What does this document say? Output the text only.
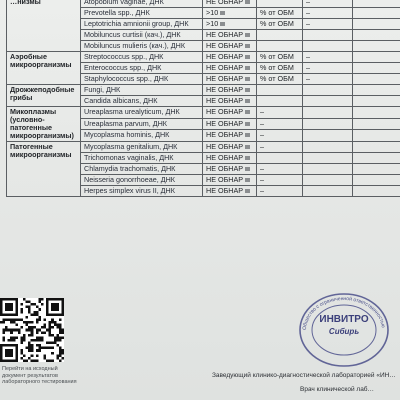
…низмы	Atopobium vaginae, ДНК	НЕ ОБНАР		–	
	Prevotella spp., ДНК	>10	% от ОБМ	–	
	Leptotrichia amnionii group, ДНК	>10	% от ОБМ	–	
	Mobiluncus curtisii (кач.), ДНК	НЕ ОБНАР			
	Mobiluncus mulieris (кач.), ДНК	НЕ ОБНАР			
Аэробные микроорганизмы	Streptococcus spp., ДНК	НЕ ОБНАР	% от ОБМ	–	
	Enterococcus spp., ДНК	НЕ ОБНАР	% от ОБМ	–	
	Staphylococcus spp., ДНК	НЕ ОБНАР	% от ОБМ	–	
Дрожжеподобные грибы	Fungi, ДНК	НЕ ОБНАР			
	Candida albicans, ДНК	НЕ ОБНАР			
Микоплазмы (условно-патогенные микроорганизмы)	Ureaplasma urealyticum, ДНК	НЕ ОБНАР	–		
	Ureaplasma parvum, ДНК	НЕ ОБНАР	–		
	Mycoplasma hominis, ДНК	НЕ ОБНАР	–		
Патогенные микроорганизмы	Mycoplasma genitalium, ДНК	НЕ ОБНАР	–		
	Trichomonas vaginalis, ДНК	НЕ ОБНАР			
	Chlamydia trachomatis, ДНК	НЕ ОБНАР	–		
	Neisseria gonorrhoeae, ДНК	НЕ ОБНАР	–		
	Herpes simplex virus II, ДНК	НЕ ОБНАР	–		
Перейти на исходный документ результатов лабораторного тестирования
Общество с ограниченной ответственностью
ИНВИТРО
Сибирь
Заведующий клинико-диагностической лабораторией «ИН…
Врач клинической лаб…
